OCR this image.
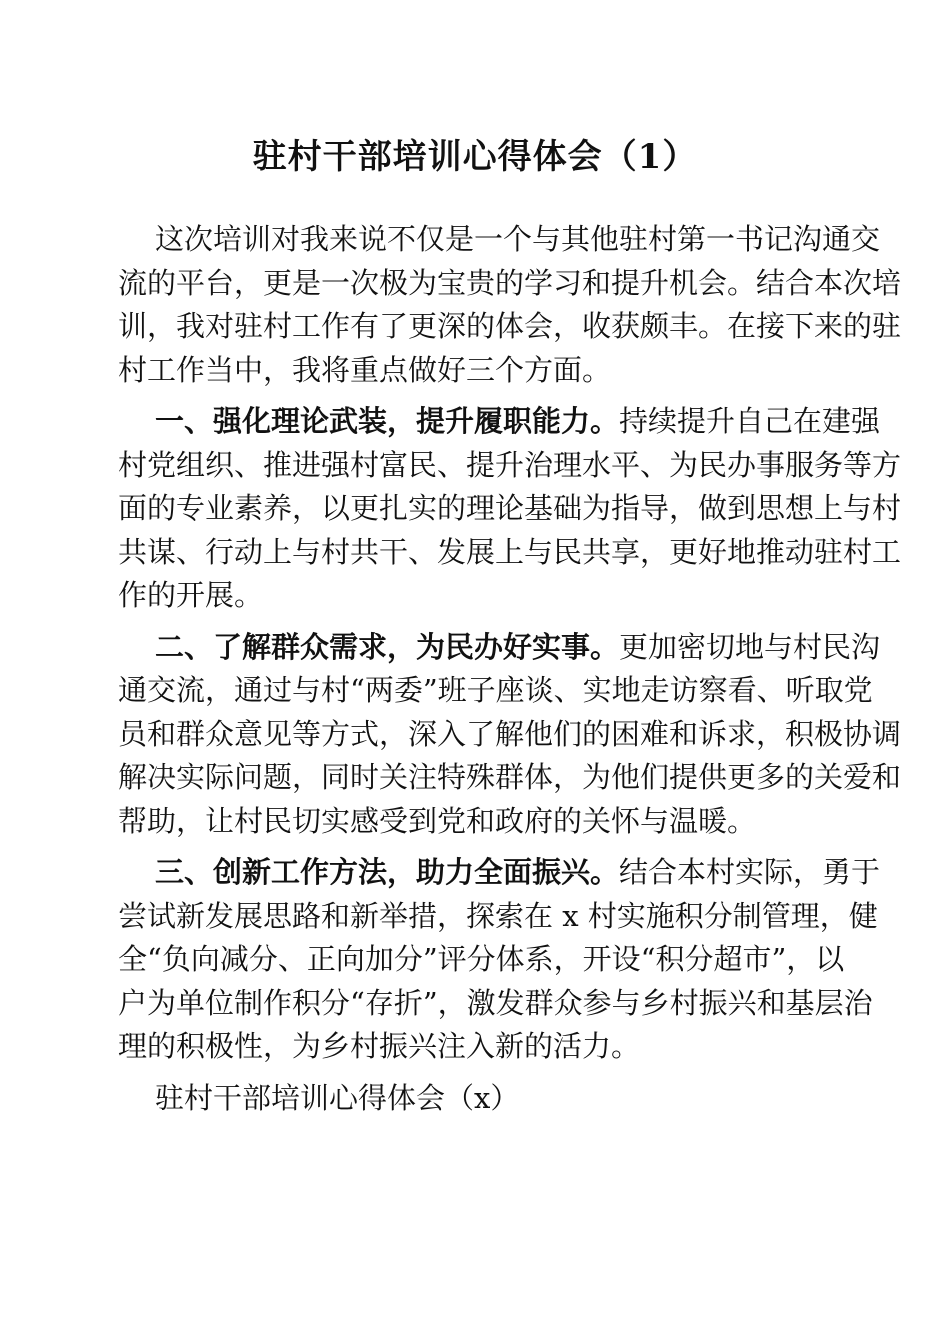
驻村干部培训心得体会（1）
这次培训对我来说不仅是一个与其他驻村第一书记沟通交
流的平台，更是一次极为宝贵的学习和提升机会。结合本次培
训，我对驻村工作有了更深的体会，收获颇丰。在接下来的驻
村工作当中，我将重点做好三个方面。
一、强化理论武装，提升履职能力。持续提升自己在建强
村党组织、推进强村富民、提升治理水平、为民办事服务等方
面的专业素养，以更扎实的理论基础为指导，做到思想上与村
共谋、行动上与村共干、发展上与民共享，更好地推动驻村工
作的开展。
二、了解群众需求，为民办好实事。更加密切地与村民沟
通交流，通过与村“两委”班子座谈、实地走访察看、听取党
员和群众意见等方式，深入了解他们的困难和诉求，积极协调
解决实际问题，同时关注特殊群体，为他们提供更多的关爱和
帮助，让村民切实感受到党和政府的关怀与温暖。
三、创新工作方法，助力全面振兴。结合本村实际，勇于
尝试新发展思路和新举措，探索在 x 村实施积分制管理，健
全“负向减分、正向加分”评分体系，开设“积分超市”，以
户为单位制作积分“存折”，激发群众参与乡村振兴和基层治
理的积极性，为乡村振兴注入新的活力。
驻村干部培训心得体会（x）
